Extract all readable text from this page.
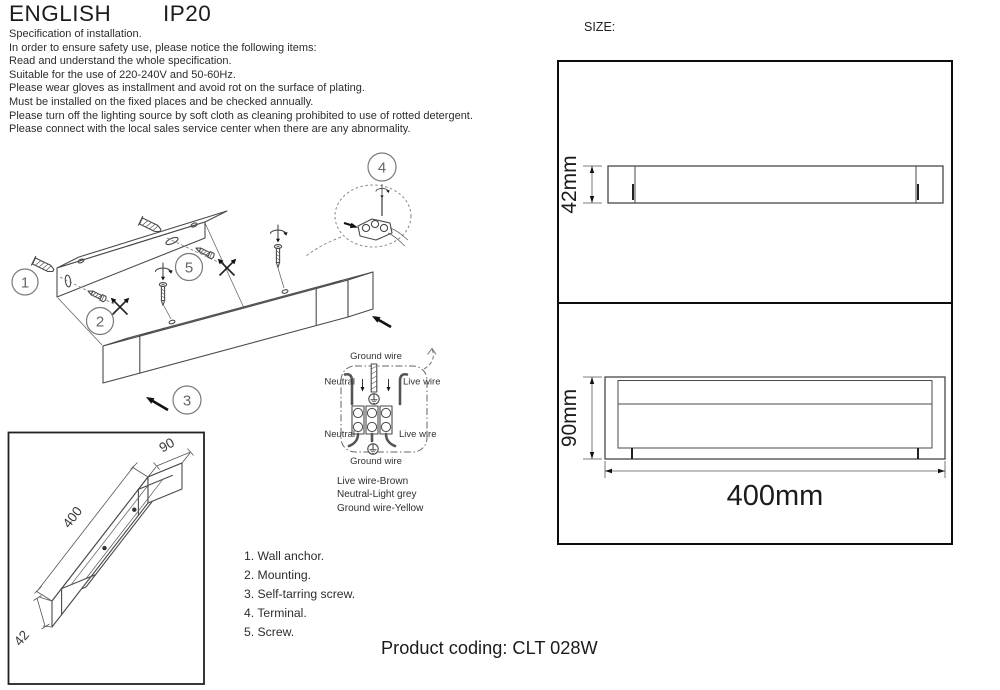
1
2
3
4
5
Ground wire
Neutral	Live wire
Neutral	Live wire
Ground wire
400
90
42
42mm
90mm
400mm
ENGLISH IP20
Specification of installation.
In order to ensure safety use, please notice the following items:
Read and understand the whole specification.
Suitable for the use of 220-240V and 50-60Hz.
Please wear gloves as installment and avoid rot on the surface of plating.
Must be installed on the fixed places and be checked annually.
Please turn off the lighting source by soft cloth as cleaning prohibited to use of rotted detergent.
Please connect with the local sales service center when there are any abnormality.
SIZE:
1. Wall anchor.
2. Mounting.
3. Self-tarring screw.
4. Terminal.
5. Screw.
Live wire-Brown
Neutral-Light grey
Ground wire-Yellow
Product coding: CLT 028W
